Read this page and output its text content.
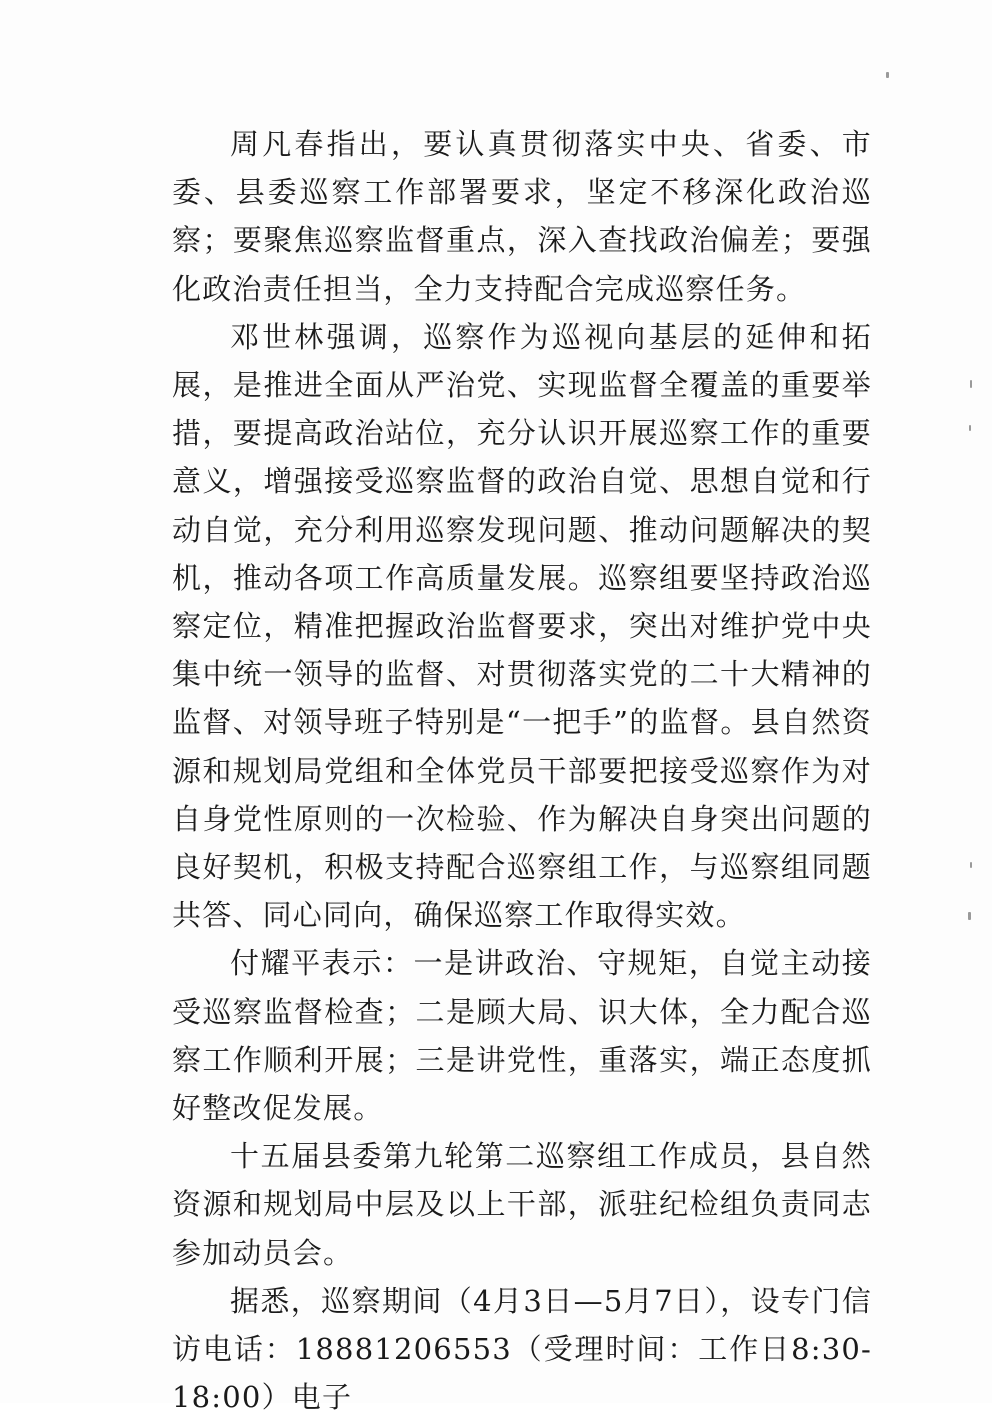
周凡春指出，要认真贯彻落实中央、省委、市委、县委巡察工作部署要求，坚定不移深化政治巡察；要聚焦巡察监督重点，深入查找政治偏差；要强化政治责任担当，全力支持配合完成巡察任务。

邓世林强调，巡察作为巡视向基层的延伸和拓展，是推进全面从严治党、实现监督全覆盖的重要举措，要提高政治站位，充分认识开展巡察工作的重要意义，增强接受巡察监督的政治自觉、思想自觉和行动自觉，充分利用巡察发现问题、推动问题解决的契机，推动各项工作高质量发展。巡察组要坚持政治巡察定位，精准把握政治监督要求，突出对维护党中央集中统一领导的监督、对贯彻落实党的二十大精神的监督、对领导班子特别是“一把手”的监督。县自然资源和规划局党组和全体党员干部要把接受巡察作为对自身党性原则的一次检验、作为解决自身突出问题的良好契机，积极支持配合巡察组工作，与巡察组同题共答、同心同向，确保巡察工作取得实效。

付耀平表示：一是讲政治、守规矩，自觉主动接受巡察监督检查；二是顾大局、识大体，全力配合巡察工作顺利开展；三是讲党性，重落实，端正态度抓好整改促发展。

十五届县委第九轮第二巡察组工作成员，县自然资源和规划局中层及以上干部，派驻纪检组负责同志参加动员会。

据悉，巡察期间（4月3日—5月7日），设专门信访电话：18881206553（受理时间：工作日8:30-18:00）电子
